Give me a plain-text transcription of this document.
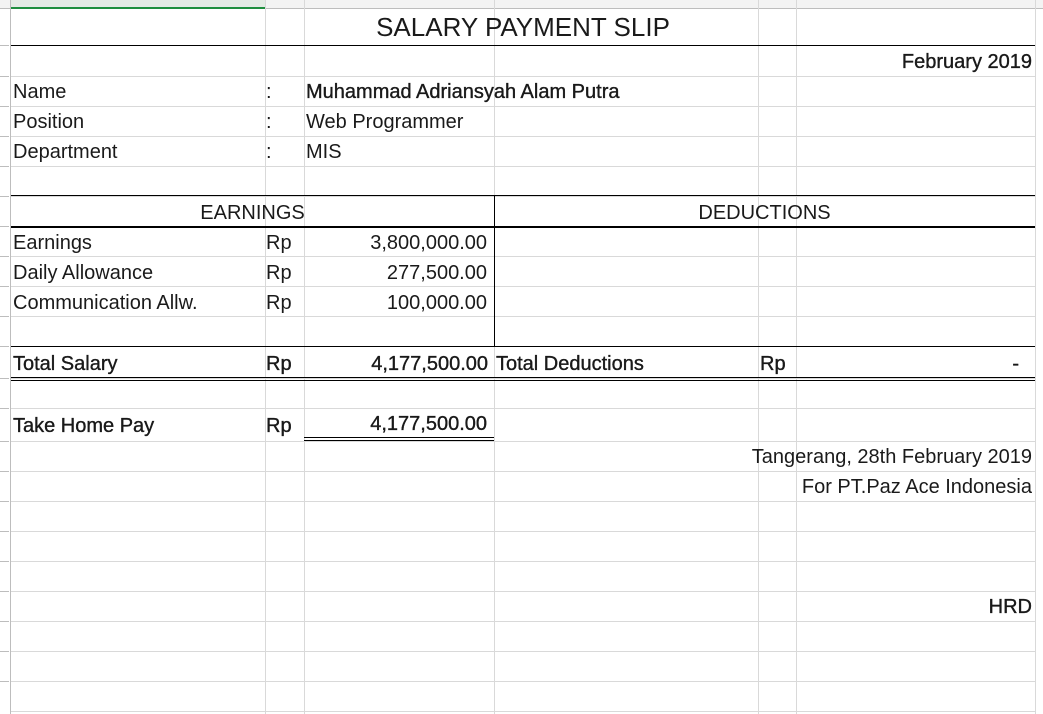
SALARY PAYMENT SLIP
February 2019
Name	: Muhammad Adriansyah Alam Putra
Position	: Web Programmer
Department	: MIS
EARNINGS	DEDUCTIONS
Earnings	Rp	3,800,000.00
Daily Allowance	Rp	277,500.00
Communication Allw.	Rp	100,000.00
Total Salary	Rp	4,177,500.00 Total Deductions	Rp	-
Take Home Pay	Rp	4,177,500.00
Tangerang, 28th February 2019
For PT.Paz Ace Indonesia
HRD
